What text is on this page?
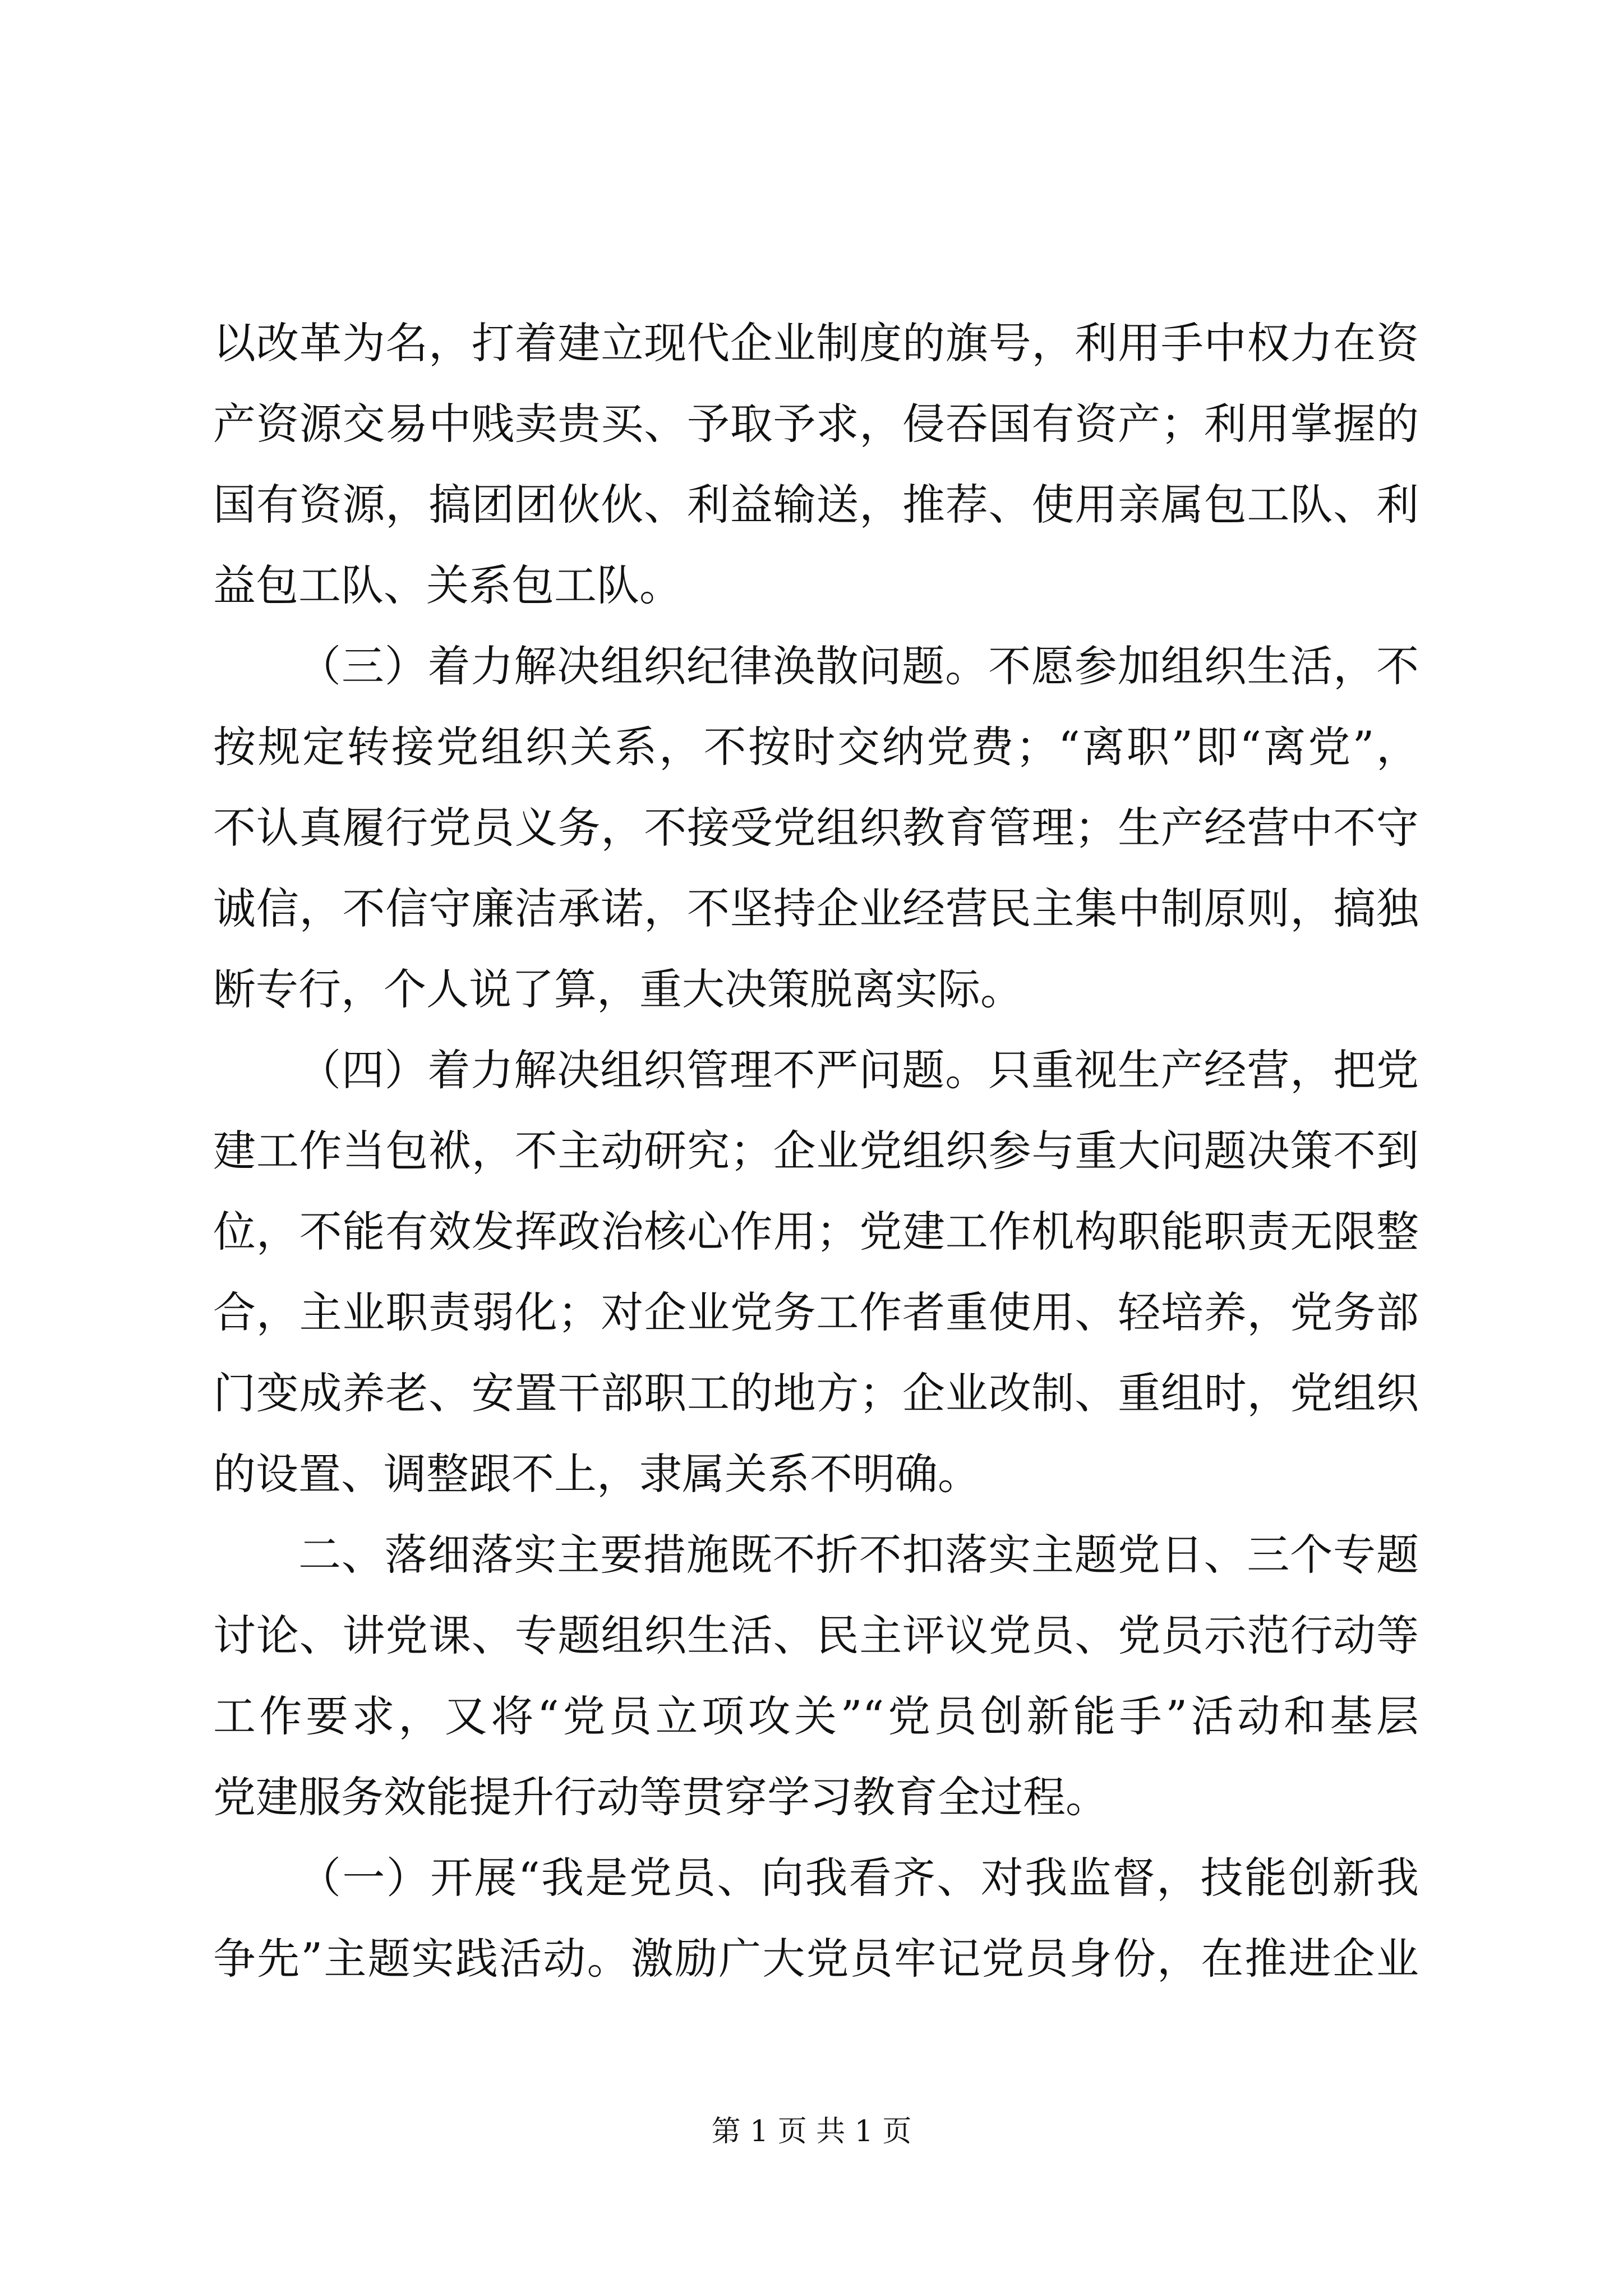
以改革为名，打着建立现代企业制度的旗号，利用手中权力在资
产资源交易中贱卖贵买、予取予求，侵吞国有资产；利用掌握的
国有资源，搞团团伙伙、利益输送，推荐、使用亲属包工队、利
益包工队、关系包工队。
（三）着力解决组织纪律涣散问题。不愿参加组织生活，不
按规定转接党组织关系，不按时交纳党费；“离职”即“离党”，
不认真履行党员义务，不接受党组织教育管理；生产经营中不守
诚信，不信守廉洁承诺，不坚持企业经营民主集中制原则，搞独
断专行，个人说了算，重大决策脱离实际。
（四）着力解决组织管理不严问题。只重视生产经营，把党
建工作当包袱，不主动研究；企业党组织参与重大问题决策不到
位，不能有效发挥政治核心作用；党建工作机构职能职责无限整
合，主业职责弱化；对企业党务工作者重使用、轻培养，党务部
门变成养老、安置干部职工的地方；企业改制、重组时，党组织
的设置、调整跟不上，隶属关系不明确。
二、落细落实主要措施既不折不扣落实主题党日、三个专题
讨论、讲党课、专题组织生活、民主评议党员、党员示范行动等
工作要求，又将“党员立项攻关”“党员创新能手”活动和基层
党建服务效能提升行动等贯穿学习教育全过程。
（一）开展“我是党员、向我看齐、对我监督，技能创新我
争先”主题实践活动。激励广大党员牢记党员身份，在推进企业
第 1 页 共 1 页
